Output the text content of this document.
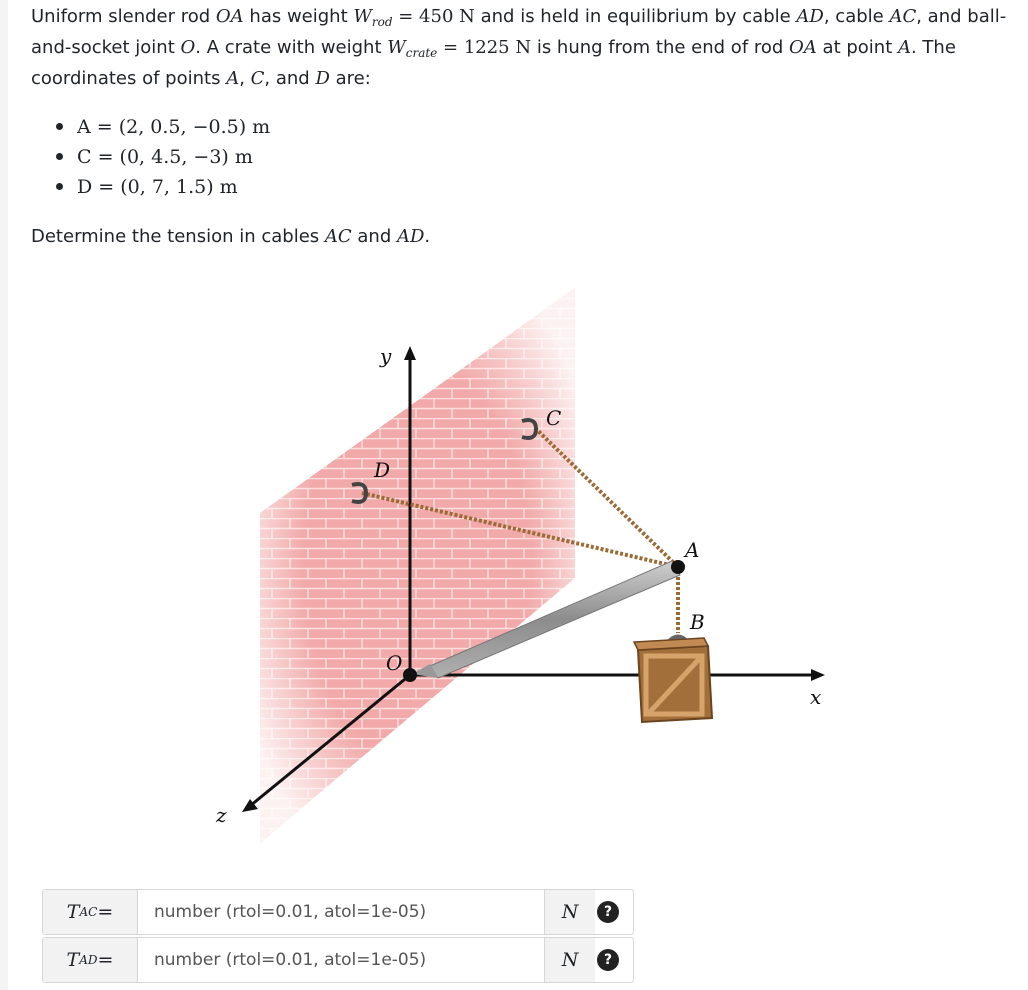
Uniform slender rod OA has weight $W_{rod} = 450$ N and is held in equilibrium by cable AD, cable AC, and ball-and-socket joint O. A crate with weight $W_{crate} = 1225$ N is hung from the end of rod OA at point A. The coordinates of points A, C, and D are:

A = (2, 0.5, −0.5) m
C = (0, 4.5, −3) m
D = (0, 7, 1.5) m

Determine the tension in cables AC and AD.

y
z
x
O
A
B
C
D
T AC =
number (rtol=0.01, atol=1e-05)	N	?
T AD =
number (rtol=0.01, atol=1e-05)	N	?
